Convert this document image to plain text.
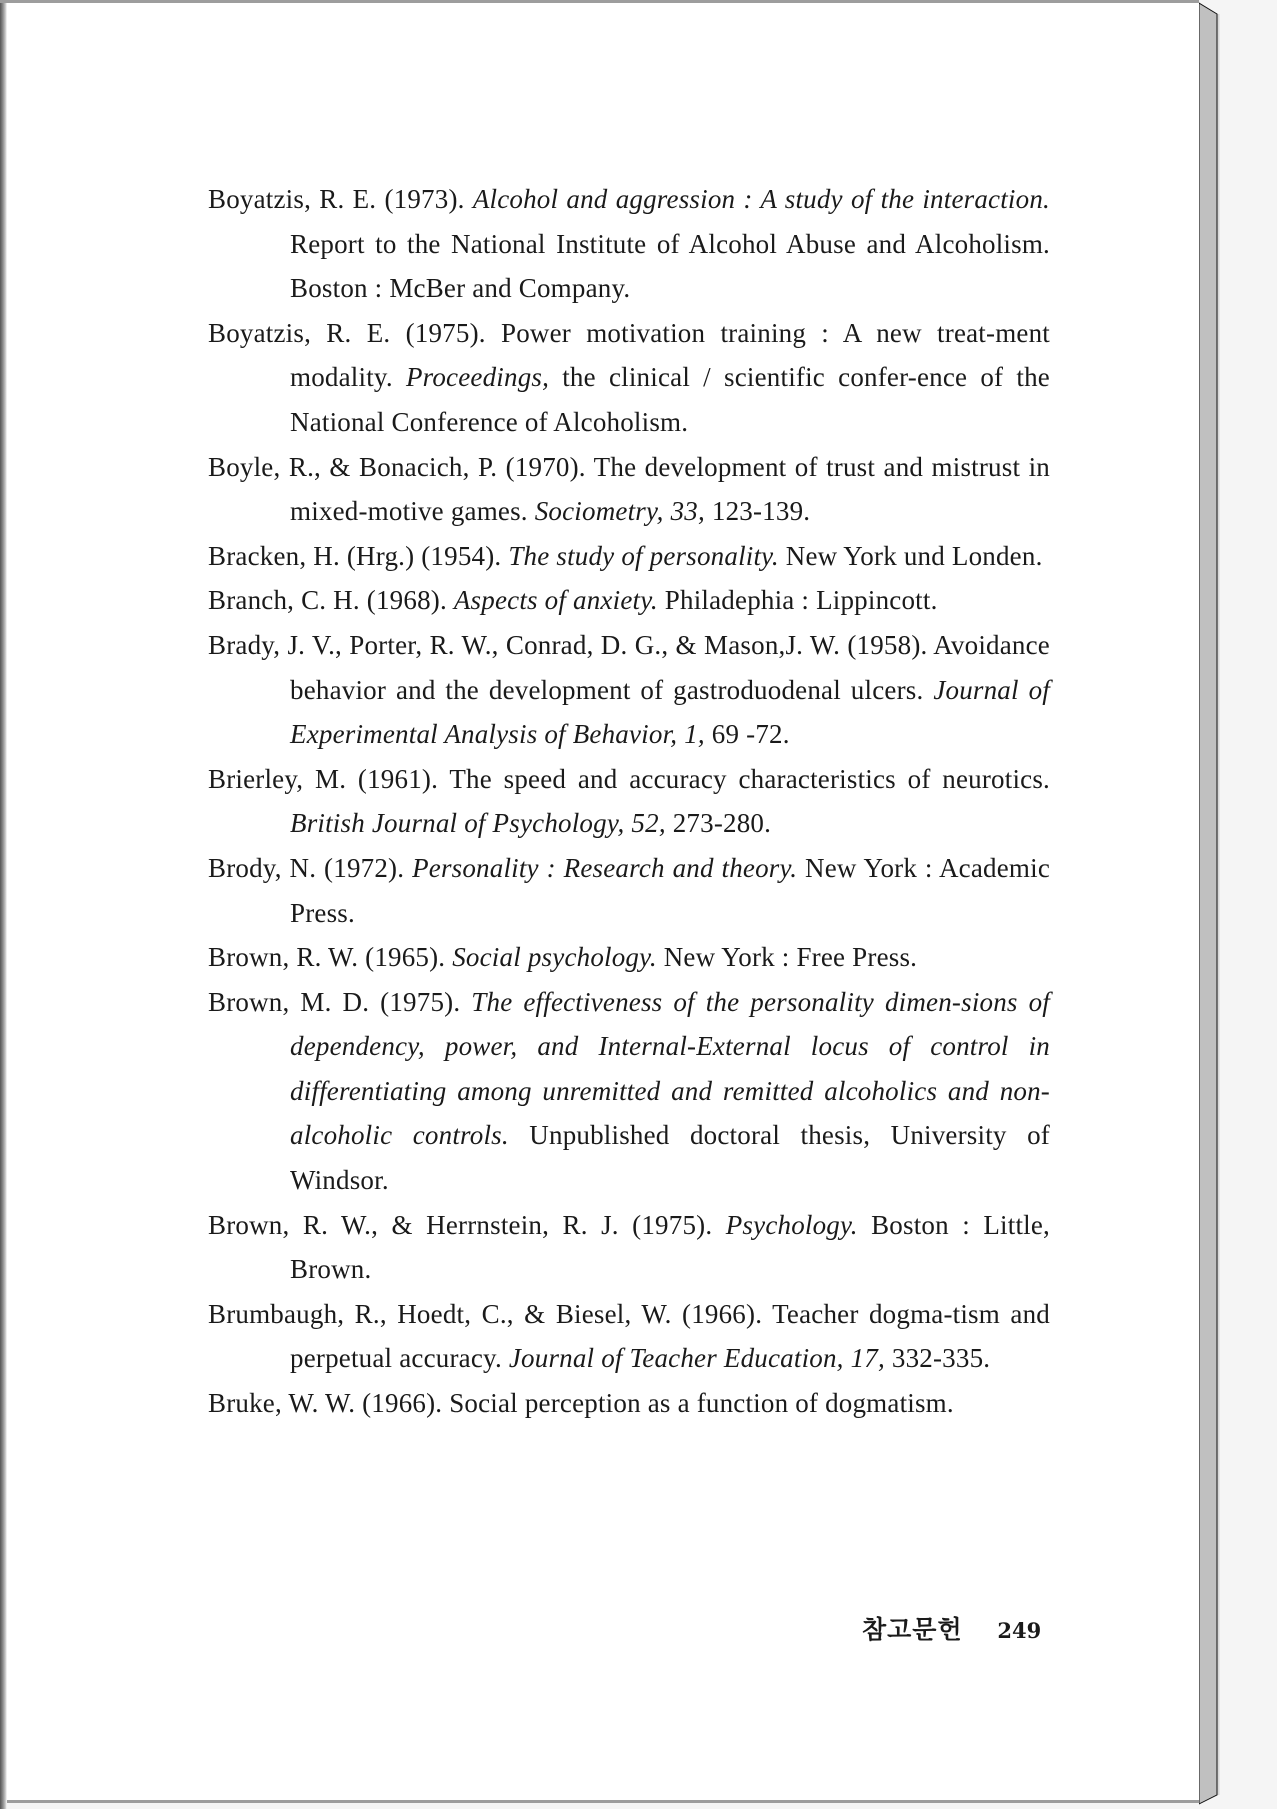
Boyatzis, R. E. (1973). Alcohol and aggression : A study of the interaction. Report to the National Institute of Alcohol Abuse and Alcoholism. Boston : McBer and Company.

Boyatzis, R. E. (1975). Power motivation training : A new treat-ment modality. Proceedings, the clinical / scientific confer-ence of the National Conference of Alcoholism.

Boyle, R., & Bonacich, P. (1970). The development of trust and mistrust in mixed-motive games. Sociometry, 33, 123-139.

Bracken, H. (Hrg.) (1954). The study of personality. New York und Londen.

Branch, C. H. (1968). Aspects of anxiety. Philadephia : Lippincott.

Brady, J. V., Porter, R. W., Conrad, D. G., & Mason,J. W. (1958). Avoidance behavior and the development of gastroduodenal ulcers. Journal of Experimental Analysis of Behavior, 1, 69 -72.

Brierley, M. (1961). The speed and accuracy characteristics of neurotics. British Journal of Psychology, 52, 273-280.

Brody, N. (1972). Personality : Research and theory. New York : Academic Press.

Brown, R. W. (1965). Social psychology. New York : Free Press.

Brown, M. D. (1975). The effectiveness of the personality dimen-sions of dependency, power, and Internal-External locus of control in differentiating among unremitted and remitted alcoholics and non-alcoholic controls. Unpublished doctoral thesis, University of Windsor.

Brown, R. W., & Herrnstein, R. J. (1975). Psychology. Boston : Little, Brown.

Brumbaugh, R., Hoedt, C., & Biesel, W. (1966). Teacher dogma-tism and perpetual accuracy. Journal of Teacher Education, 17, 332-335.

Bruke, W. W. (1966). Social perception as a function of dogmatism.

참고문헌 249
